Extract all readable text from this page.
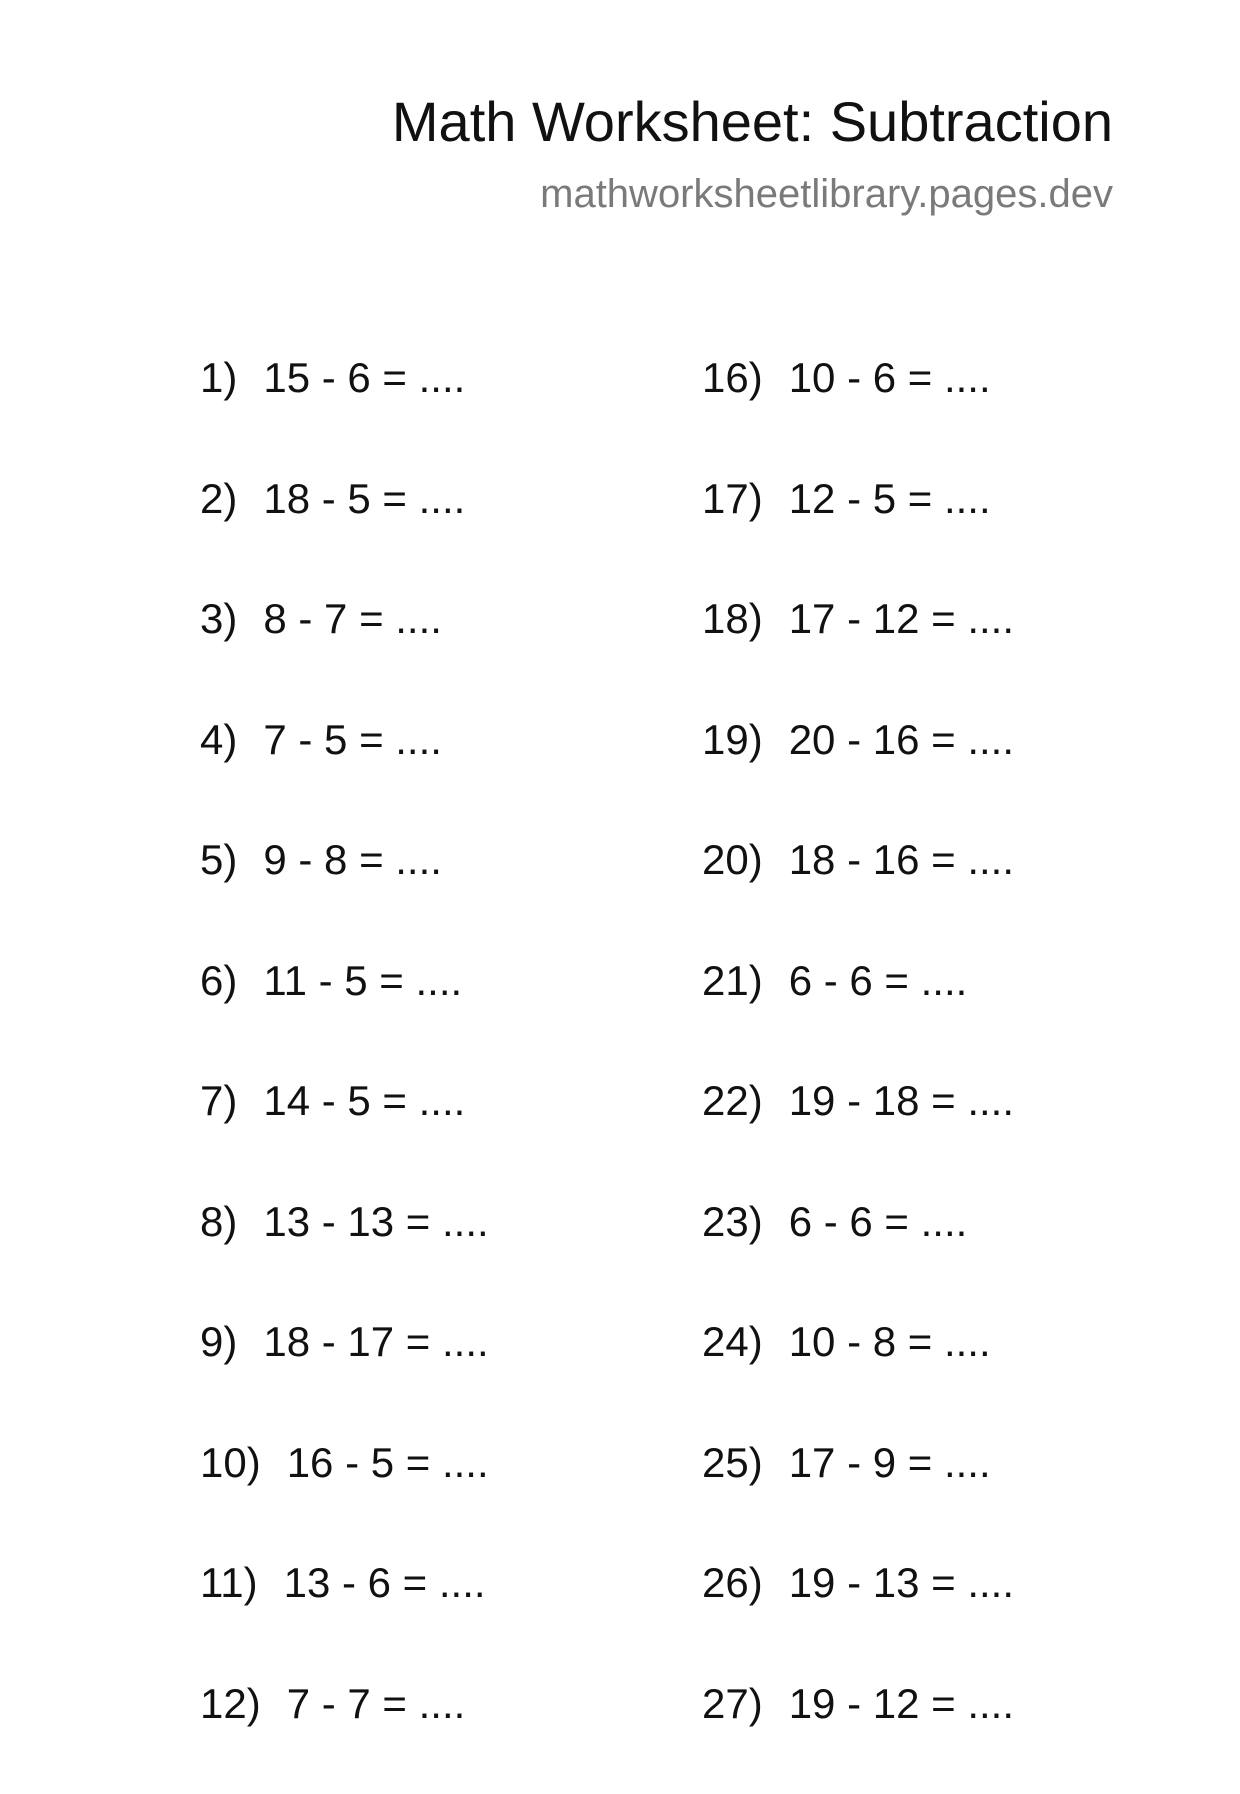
Math Worksheet: Subtraction
mathworksheetlibrary.pages.dev
1) 15 - 6 = ....
2) 18 - 5 = ....
3) 8 - 7 = ....
4) 7 - 5 = ....
5) 9 - 8 = ....
6) 11 - 5 = ....
7) 14 - 5 = ....
8) 13 - 13 = ....
9) 18 - 17 = ....
10) 16 - 5 = ....
11) 13 - 6 = ....
12) 7 - 7 = ....
16) 10 - 6 = ....
17) 12 - 5 = ....
18) 17 - 12 = ....
19) 20 - 16 = ....
20) 18 - 16 = ....
21) 6 - 6 = ....
22) 19 - 18 = ....
23) 6 - 6 = ....
24) 10 - 8 = ....
25) 17 - 9 = ....
26) 19 - 13 = ....
27) 19 - 12 = ....
